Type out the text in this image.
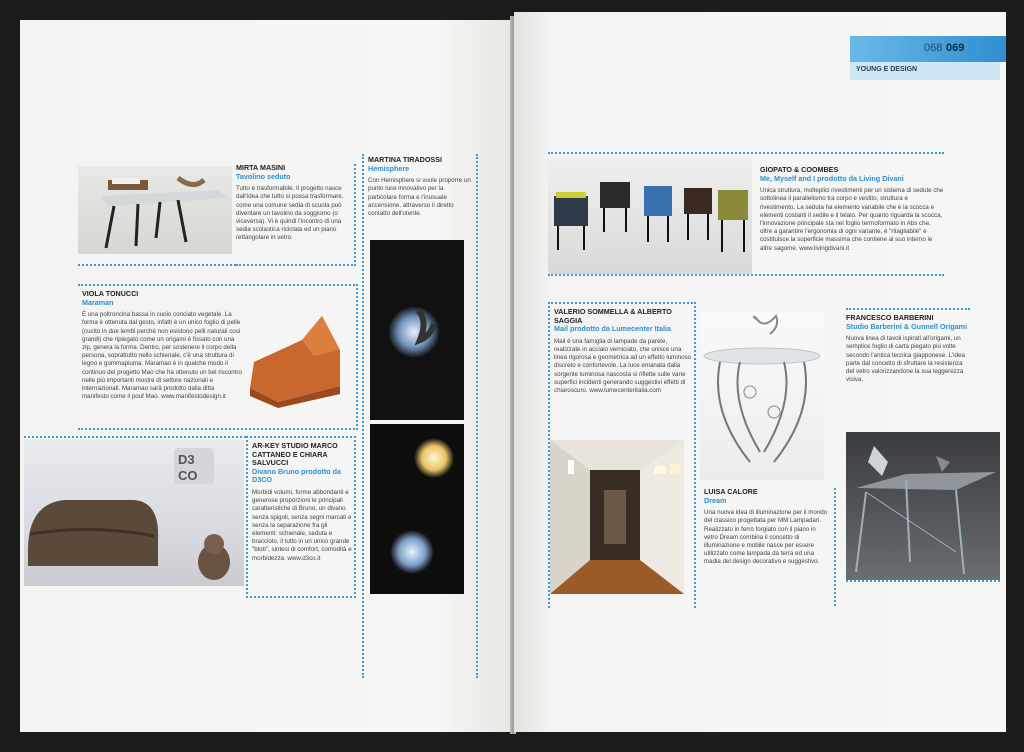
MIRTA MASINI
Tavolino seduto
Tutto è trasformabile. Il progetto nasce dall'idea che tutto si possa trasformare, come una comune sedia di scuola può diventare un tavolino da soggiorno (o viceversa). Vi è quindi l'incontro di una sedia scolastica riciclata ed un piano rettangolare in vetro.
MARTINA TIRADOSSI
Hemisphere
Con Hemisphere si vuole proporre un punto luce innovativo per la particolare forma e l'inusuale accensione, attraverso il diretto contatto dell'utente.
VIOLA TONUCCI
Maraman
È una poltroncina bassa in cuoio conciato vegetale. La forma è ottenuta dal gesto, infatti è un unico foglio di pelle (cucito in due lembi perché non esistono pelli naturali così grandi) che ripiegato come un origami è fissato con una zip, genera la forma. Dentro, per sostenere il corpo della persona, soprattutto nello schienale, c'è una struttura di legno e gommapiuma. Maramao è in qualche modo il continuo del progetto Mao che ha ottenuto un bel riscontro nelle più importanti mostre di settore nazionali e internazionali. Maramao sarà prodotto dalla ditta manifesto come il pouf Mao. www.manifestodesign.it
D3
CO
AR-KEY STUDIO MARCO CATTANEO E CHIARA SALVUCCI
Divano Bruno prodotto da D3CO
Morbidi volumi, forme abbondanti e generose proporzioni le principali caratteristiche di Bruno, un divano senza spigoli, senza segni marcati e senza la separazione fra gli elementi: schienale, seduta e bracciolo, il tutto in un unico grande "blob", sintesi di comfort, comodità e morbidezza. www.d3co.it
068 069
YOUNG E DESIGN
GIOPATO & COOMBES
Me, Myself and I prodotto da Living Divani
Unica struttura, molteplici rivestimenti per un sistema di sedute che sottolinea il parallelismo tra corpo e vestito, struttura e rivestimento. La seduta ha elemento variabile che è la scocca e elementi costanti il sedile e il telaio. Per quanto riguarda la scocca, l'innovazione principale sta nel foglio termoformato in Abs che, oltre a garantire l'ergonomia di ogni variante, è "ritagliabile" e costituisce la superficie massima che contiene al suo interno le altre sagome. www.livingdivani.it
VALERIO SOMMELLA & ALBERTO SAGGIA
Mail prodotto da Lumecenter Italia
Mail è una famiglia di lampade da parete, realizzate in acciaio verniciato, che unisce una linea rigorosa e geometrica ad un effetto luminoso discreto e confortevole. La luce emanata dalla sorgente luminosa nascosta si riflette sulle vane superfici incidenti generando suggestivi effetti di chiaroscuro. www.lumecenteritalia.com
LUISA CALORE
Dream
Una nuova idea di illuminazione per il mondo del classico progettata per MM Lampadari. Realizzato in ferro forgiato con il piano in vetro Dream combina il concetto di illuminazione e mobile nasce per essere utilizzato come lampada da terra ed una madia del design decorativo e suggestivo.
FRANCESCO BARBERINI
Studio Barberini & Gunnell Origami
Nuova linea di tavoli ispirati all'origami, un semplice foglio di carta piegato più volte secondo l'antica tecnica giapponese. L'idea parte dal concetto di sfruttare la resistenza del vetro valorizzandone la sua leggerezza visiva.
